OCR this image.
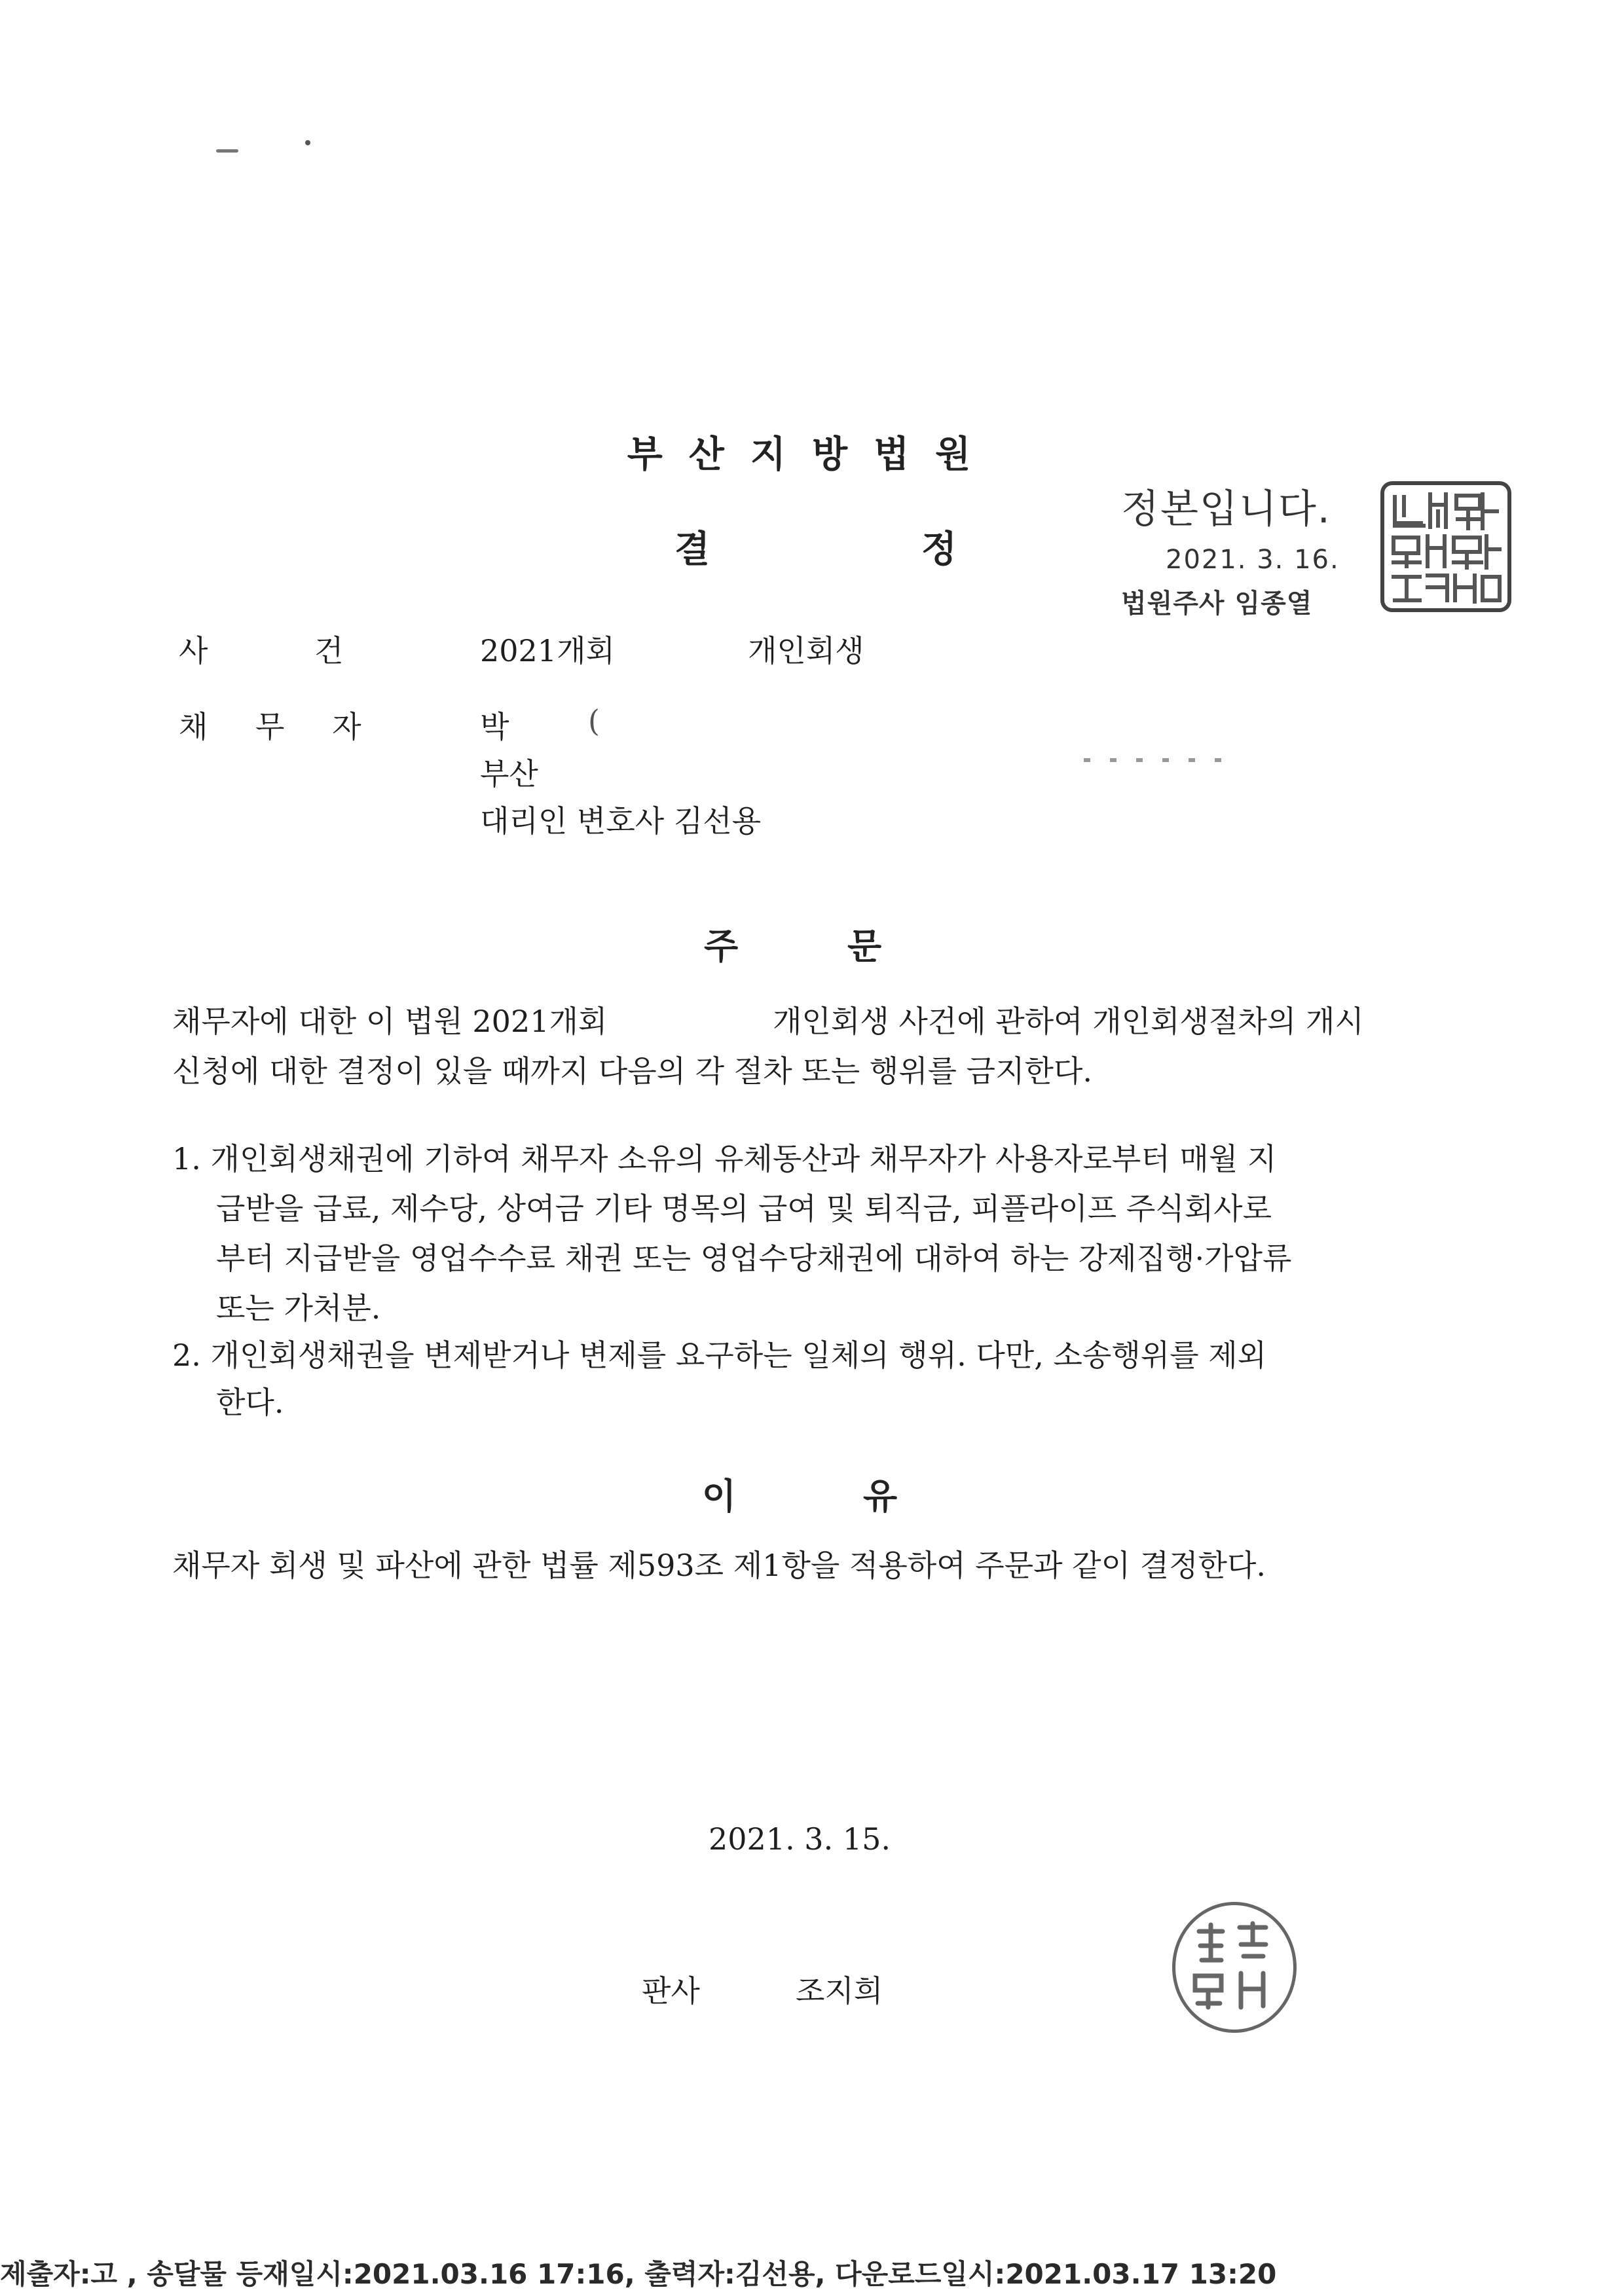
부산지방법원
결	정
정본입니다.
2021. 3. 16.
법원주사 임종열
사 건	2021개회	개인회생
채 무 자	박	(
부산
대리인 변호사 김선용
주	문
채무자에 대한 이 법원 2021개회	개인회생 사건에 관하여 개인회생절차의 개시
신청에 대한 결정이 있을 때까지 다음의 각 절차 또는 행위를 금지한다.
1. 개인회생채권에 기하여 채무자 소유의 유체동산과 채무자가 사용자로부터 매월 지
급받을 급료, 제수당, 상여금 기타 명목의 급여 및 퇴직금, 피플라이프 주식회사로
부터 지급받을 영업수수료 채권 또는 영업수당채권에 대하여 하는 강제집행·가압류
또는 가처분.
2. 개인회생채권을 변제받거나 변제를 요구하는 일체의 행위. 다만, 소송행위를 제외
한다.
이	유
채무자 회생 및 파산에 관한 법률 제593조 제1항을 적용하여 주문과 같이 결정한다.
2021. 3. 15.
판사	조지희
제출자:고 , 송달물 등재일시:2021.03.16 17:16, 출력자:김선용, 다운로드일시:2021.03.17 13:20
